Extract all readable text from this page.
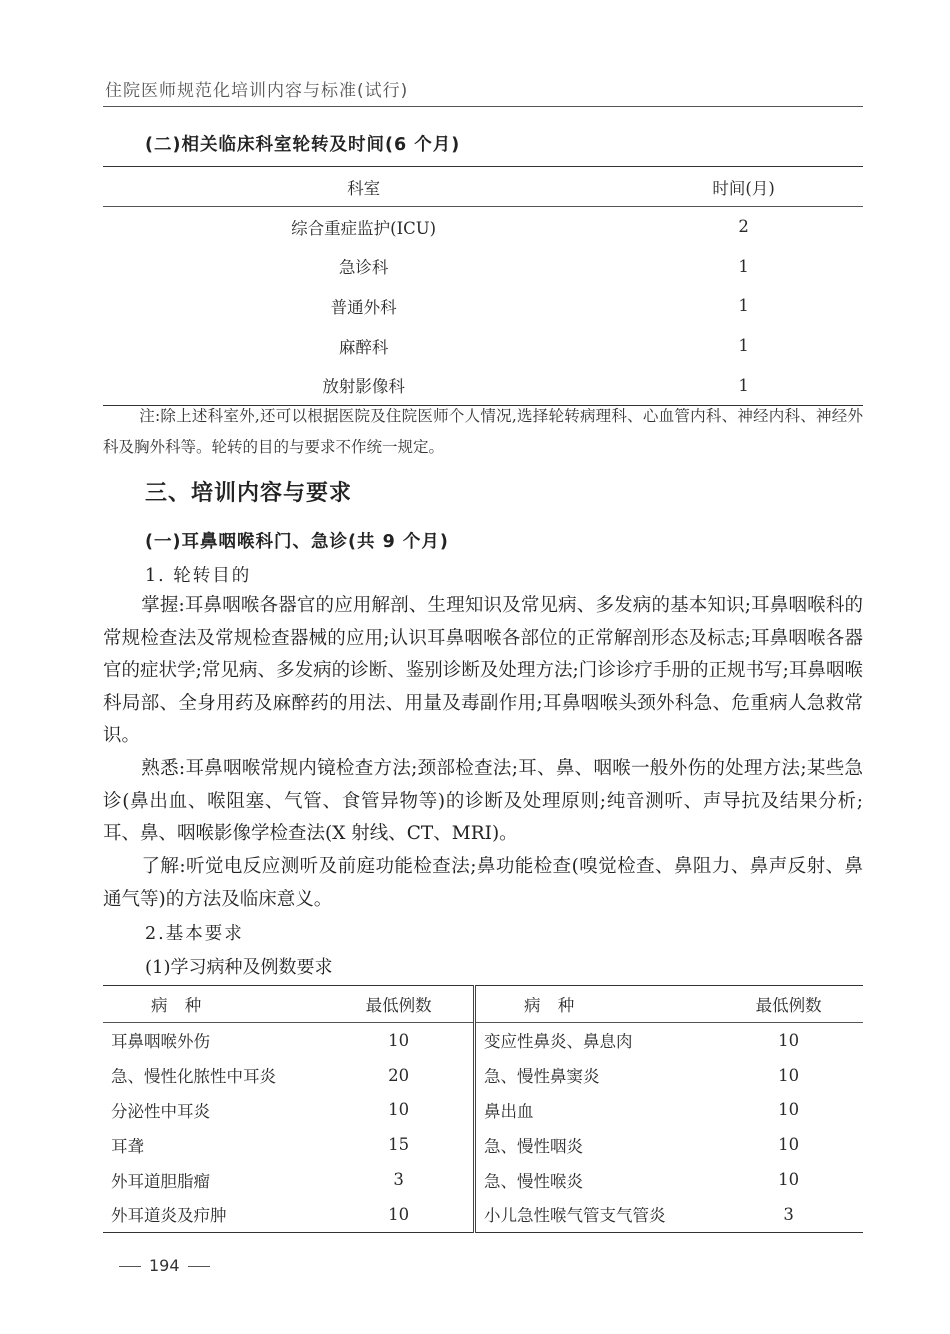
住院医师规范化培训内容与标准(试行)
(二)相关临床科室轮转及时间(6 个月)
科室	时间(月)
综合重症监护(ICU)	2
急诊科	1
普通外科	1
麻醉科	1
放射影像科	1
注:除上述科室外,还可以根据医院及住院医师个人情况,选择轮转病理科、心血管内科、神经内科、神经外科及胸外科等。轮转的目的与要求不作统一规定。
三、培训内容与要求
(一)耳鼻咽喉科门、急诊(共 9 个月)
1. 轮转目的

掌握:耳鼻咽喉各器官的应用解剖、生理知识及常见病、多发病的基本知识;耳鼻咽喉科的常规检查法及常规检查器械的应用;认识耳鼻咽喉各部位的正常解剖形态及标志;耳鼻咽喉各器官的症状学;常见病、多发病的诊断、鉴别诊断及处理方法;门诊诊疗手册的正规书写;耳鼻咽喉科局部、全身用药及麻醉药的用法、用量及毒副作用;耳鼻咽喉头颈外科急、危重病人急救常识。

熟悉:耳鼻咽喉常规内镜检查方法;颈部检查法;耳、鼻、咽喉一般外伤的处理方法;某些急诊(鼻出血、喉阻塞、气管、食管异物等)的诊断及处理原则;纯音测听、声导抗及结果分析;耳、鼻、咽喉影像学检查法(X 射线、CT、MRI)。

了解:听觉电反应测听及前庭功能检查法;鼻功能检查(嗅觉检查、鼻阻力、鼻声反射、鼻通气等)的方法及临床意义。

2.基本要求
(1)学习病种及例数要求
病 种	最低例数	病 种	最低例数
耳鼻咽喉外伤	10	变应性鼻炎、鼻息肉	10
急、慢性化脓性中耳炎	20	急、慢性鼻窦炎	10
分泌性中耳炎	10	鼻出血	10
耳聋	15	急、慢性咽炎	10
外耳道胆脂瘤	3	急、慢性喉炎	10
外耳道炎及疖肿	10	小儿急性喉气管支气管炎	3
194
